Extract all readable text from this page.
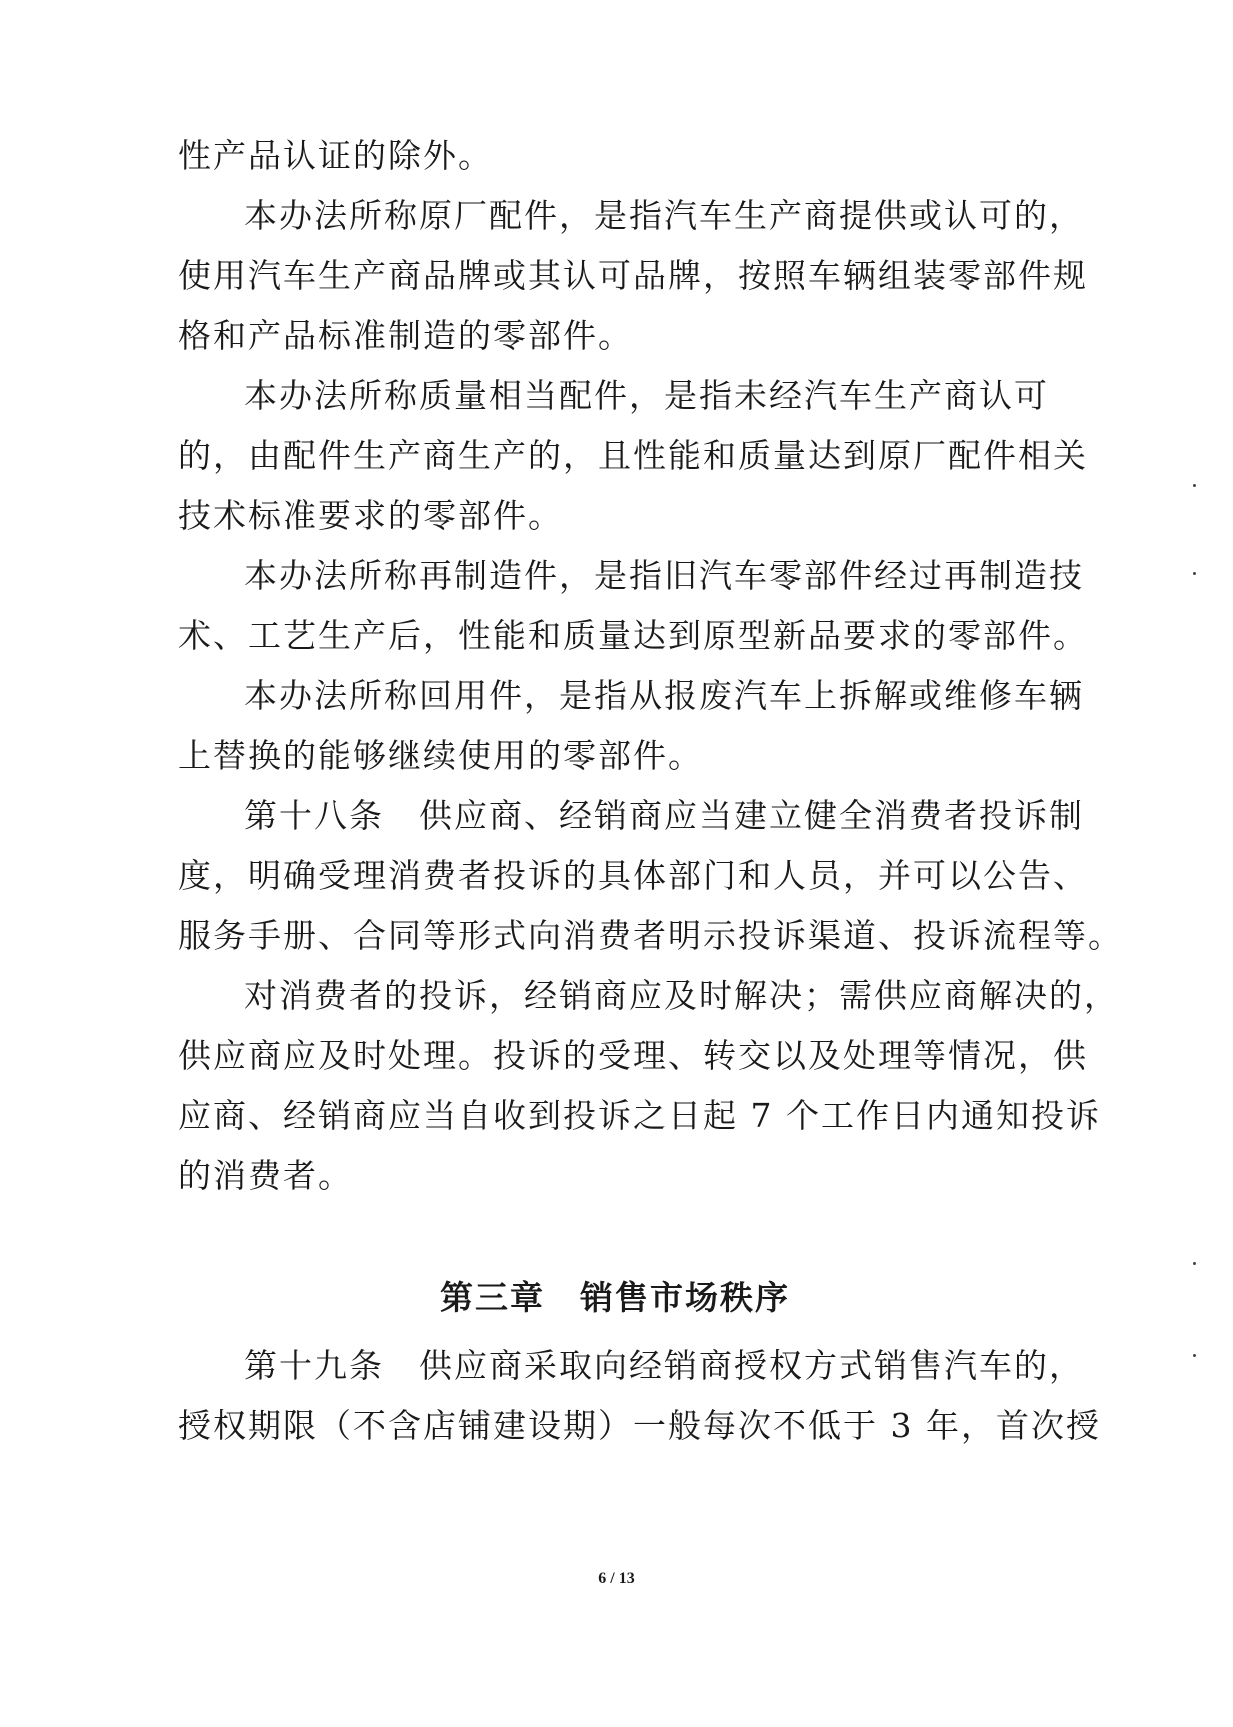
性产品认证的除外。
本办法所称原厂配件，是指汽车生产商提供或认可的，
使用汽车生产商品牌或其认可品牌，按照车辆组装零部件规
格和产品标准制造的零部件。
本办法所称质量相当配件，是指未经汽车生产商认可
的，由配件生产商生产的，且性能和质量达到原厂配件相关
技术标准要求的零部件。
本办法所称再制造件，是指旧汽车零部件经过再制造技
术、工艺生产后，性能和质量达到原型新品要求的零部件。
本办法所称回用件，是指从报废汽车上拆解或维修车辆
上替换的能够继续使用的零部件。
第十八条　供应商、经销商应当建立健全消费者投诉制
度，明确受理消费者投诉的具体部门和人员，并可以公告、
服务手册、合同等形式向消费者明示投诉渠道、投诉流程等。
对消费者的投诉，经销商应及时解决；需供应商解决的，
供应商应及时处理。投诉的受理、转交以及处理等情况，供
应商、经销商应当自收到投诉之日起 7 个工作日内通知投诉
的消费者。
第三章　销售市场秩序
第十九条　供应商采取向经销商授权方式销售汽车的，
授权期限（不含店铺建设期）一般每次不低于 3 年，首次授
6 / 13
